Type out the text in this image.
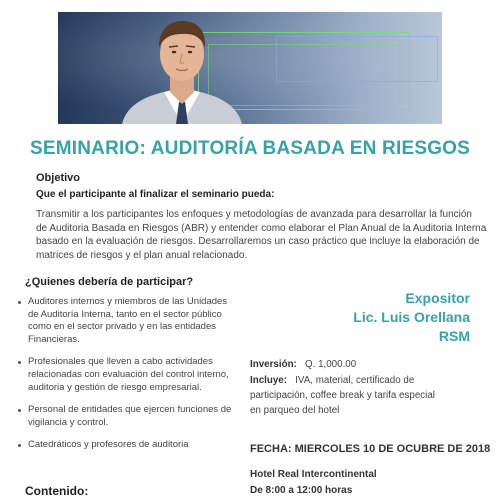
SEMINARIO: AUDITORÍA BASADA EN RIESGOS
Objetivo
Que el participante al finalizar el seminario pueda:
Transmitir a los participantes los enfoques y metodologías de avanzada para desarrollar la función
de Auditoria Basada en Riesgos (ABR) y entender como elaborar el Plan Anual de la Auditoria Interna
basado en la evaluación de riesgos. Desarrollaremos un caso práctico que incluye la elaboración de
matrices de riesgos y el plan anual relacionado.
¿Quienes debería de participar?
Auditores internos y miembros de las Unidades
de Auditoría Interna, tanto en el sector público
como en el sector privado y en las entidades
Financieras.
Profesionales que lleven a cabo actividades
relacionadas con evaluación del control interno,
auditoria y gestión de riesgo empresarial.
Personal de entidades que ejercen funciones de
vigilancia y control.
Catedráticos y profesores de auditoria
Expositor
Lic. Luis Orellana
RSM
Inversión: Q. 1,000.00
Incluye: IVA, material, certificado de
participación, coffee break y tarifa especial
en parqueo del hotel
FECHA: MIERCOLES 10 DE OCUBRE DE 2018
Hotel Real Intercontinental
De 8:00 a 12:00 horas
Contenido:
